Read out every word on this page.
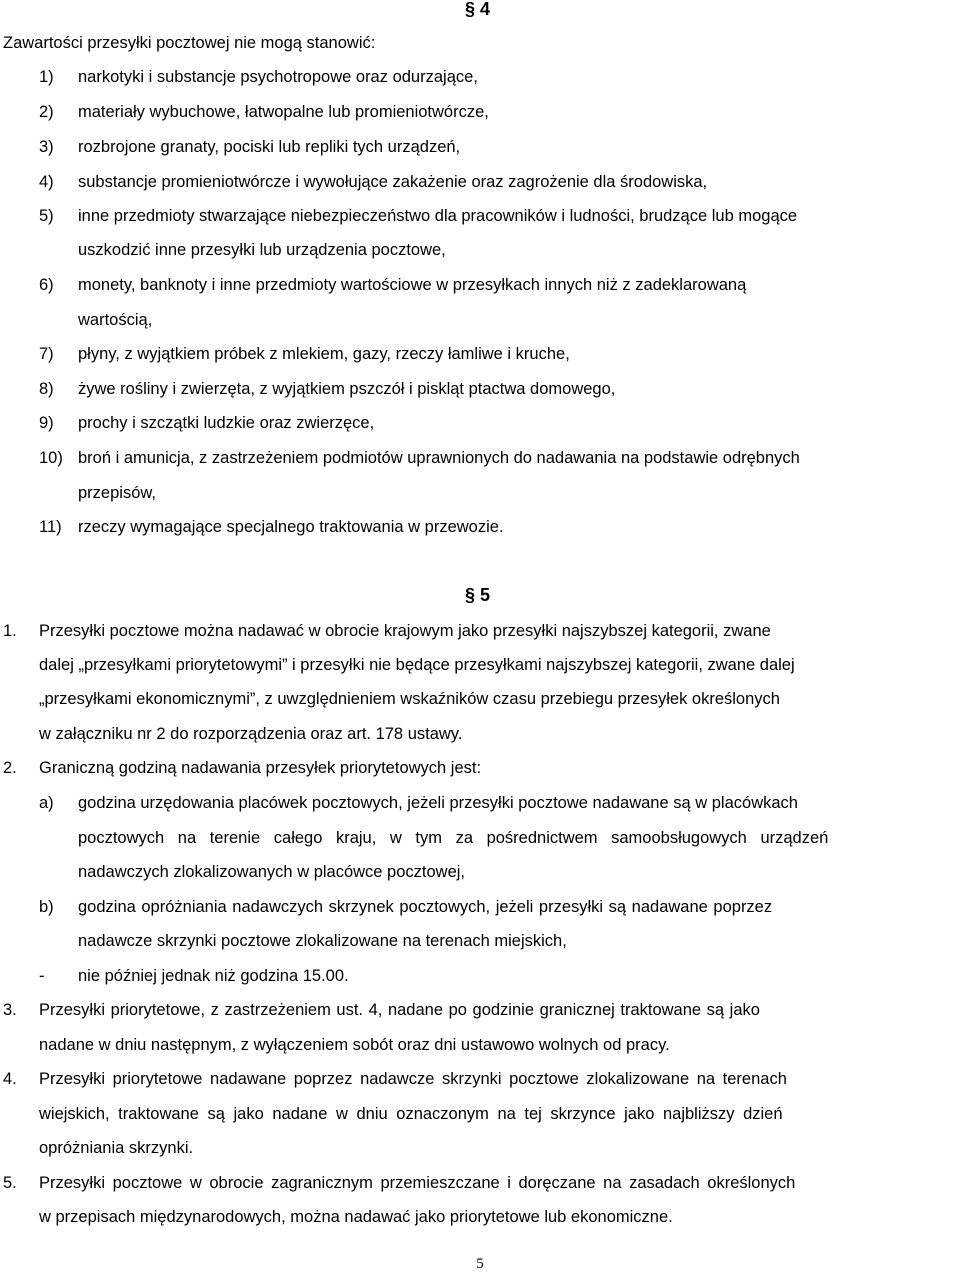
§ 4
Zawartości przesyłki pocztowej nie mogą stanowić:
1) narkotyki i substancje psychotropowe oraz odurzające,
2) materiały wybuchowe, łatwopalne lub promieniotwórcze,
3) rozbrojone granaty, pociski lub repliki tych urządzeń,
4) substancje promieniotwórcze i wywołujące zakażenie oraz zagrożenie dla środowiska,
5) inne przedmioty stwarzające niebezpieczeństwo dla pracowników i ludności, brudzące lub mogące
uszkodzić inne przesyłki lub urządzenia pocztowe,
6) monety, banknoty i inne przedmioty wartościowe w przesyłkach innych niż z zadeklarowaną
wartością,
7) płyny, z wyjątkiem próbek z mlekiem, gazy, rzeczy łamliwe i kruche,
8) żywe rośliny i zwierzęta, z wyjątkiem pszczół i piskląt ptactwa domowego,
9) prochy i szczątki ludzkie oraz zwierzęce,
10) broń i amunicja, z zastrzeżeniem podmiotów uprawnionych do nadawania na podstawie odrębnych
przepisów,
11) rzeczy wymagające specjalnego traktowania w przewozie.
§ 5
1. Przesyłki pocztowe można nadawać w obrocie krajowym jako przesyłki najszybszej kategorii, zwane
dalej „przesyłkami priorytetowymi” i przesyłki nie będące przesyłkami najszybszej kategorii, zwane dalej
„przesyłkami ekonomicznymi”, z uwzględnieniem wskaźników czasu przebiegu przesyłek określonych
w załączniku nr 2 do rozporządzenia oraz art. 178 ustawy.
2. Graniczną godziną nadawania przesyłek priorytetowych jest:
a) godzina urzędowania placówek pocztowych, jeżeli przesyłki pocztowe nadawane są w placówkach
pocztowych na terenie całego kraju, w tym za pośrednictwem samoobsługowych urządzeń
nadawczych zlokalizowanych w placówce pocztowej,
b) godzina opróżniania nadawczych skrzynek pocztowych, jeżeli przesyłki są nadawane poprzez
nadawcze skrzynki pocztowe zlokalizowane na terenach miejskich,
- nie później jednak niż godzina 15.00.
3. Przesyłki priorytetowe, z zastrzeżeniem ust. 4, nadane po godzinie granicznej traktowane są jako
nadane w dniu następnym, z wyłączeniem sobót oraz dni ustawowo wolnych od pracy.
4. Przesyłki priorytetowe nadawane poprzez nadawcze skrzynki pocztowe zlokalizowane na terenach
wiejskich, traktowane są jako nadane w dniu oznaczonym na tej skrzynce jako najbliższy dzień
opróżniania skrzynki.
5. Przesyłki pocztowe w obrocie zagranicznym przemieszczane i doręczane na zasadach określonych
w przepisach międzynarodowych, można nadawać jako priorytetowe lub ekonomiczne.
5
